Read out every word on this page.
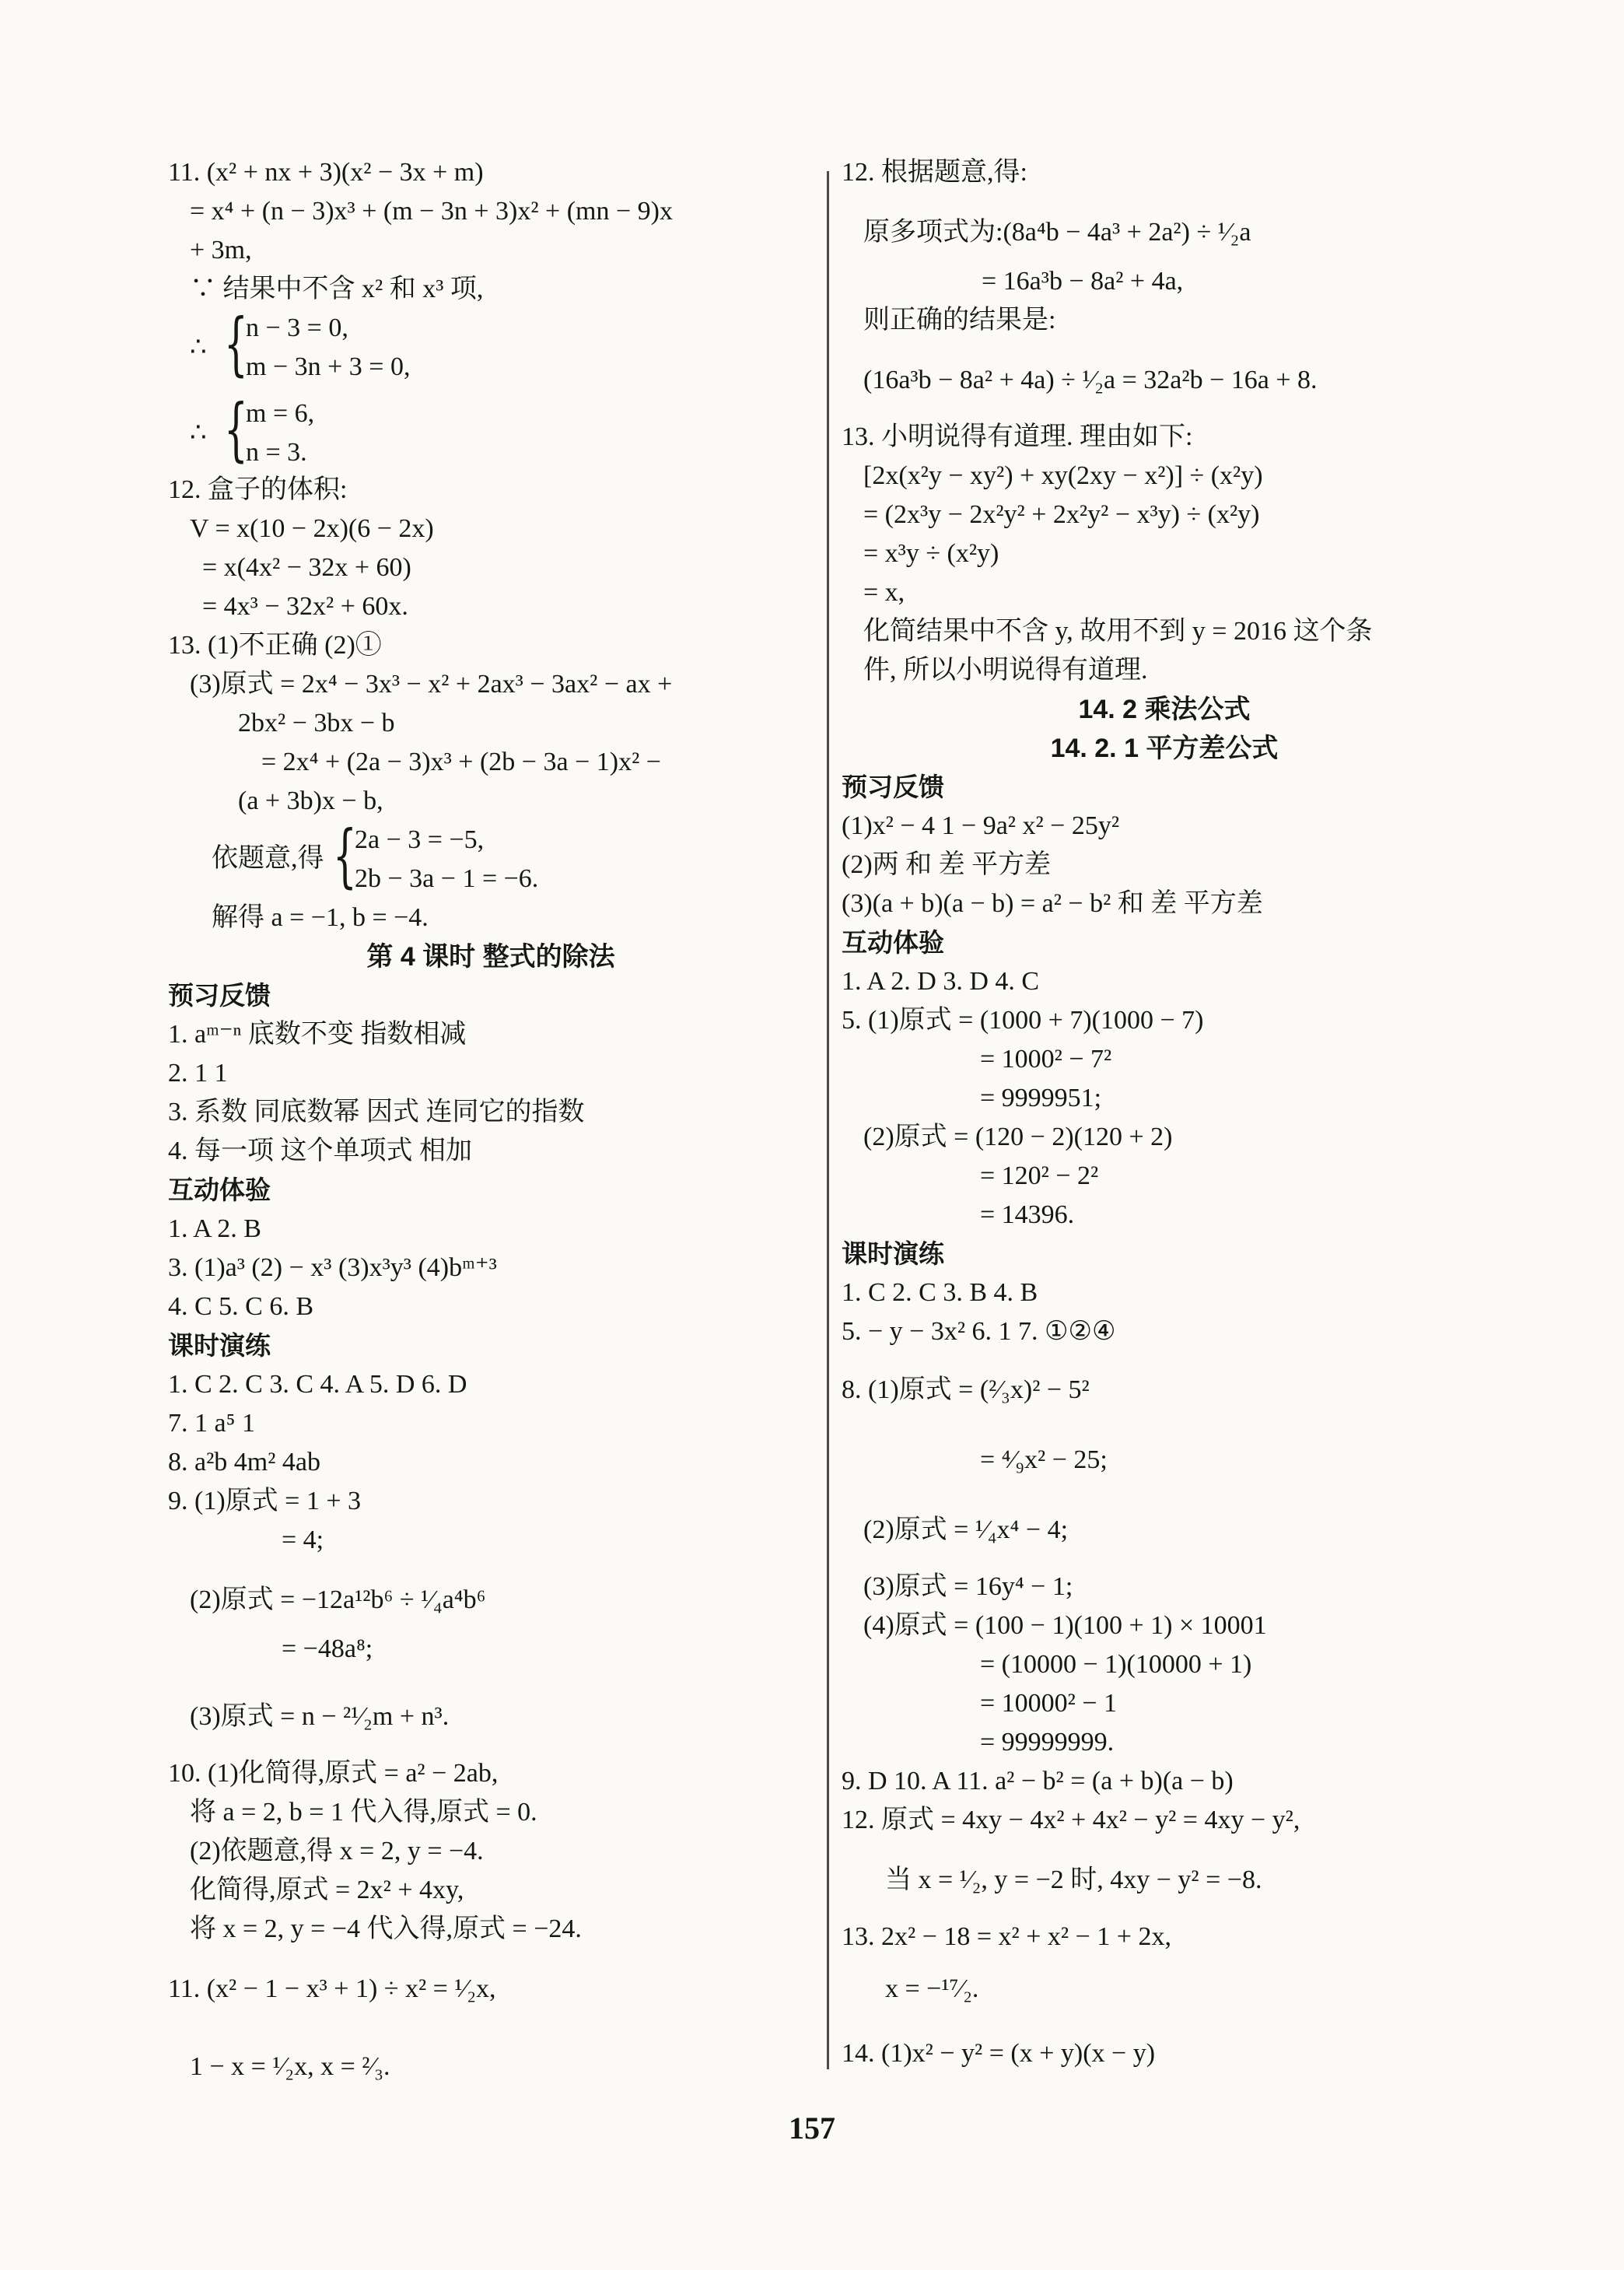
11. (x² + nx + 3)(x² − 3x + m)
= x⁴ + (n − 3)x³ + (m − 3n + 3)x² + (mn − 9)x
+ 3m,
∵ 结果中不含 x² 和 x³ 项,
∴
n − 3 = 0,
m − 3n + 3 = 0,
∴
m = 6,
n = 3.
12. 盒子的体积:
V = x(10 − 2x)(6 − 2x)
= x(4x² − 32x + 60)
= 4x³ − 32x² + 60x.
13. (1)不正确 (2)①
(3)原式 = 2x⁴ − 3x³ − x² + 2ax³ − 3ax² − ax +
2bx² − 3bx − b
= 2x⁴ + (2a − 3)x³ + (2b − 3a − 1)x² −
(a + 3b)x − b,
依题意,得
2a − 3 = −5,
2b − 3a − 1 = −6.
解得 a = −1, b = −4.
第 4 课时 整式的除法
预习反馈
1. aᵐ⁻ⁿ 底数不变 指数相减
2. 1 1
3. 系数 同底数幂 因式 连同它的指数
4. 每一项 这个单项式 相加
互动体验
1. A 2. B
3. (1)a³ (2) − x³ (3)x³y³ (4)bᵐ⁺³
4. C 5. C 6. B
课时演练
1. C 2. C 3. C 4. A 5. D 6. D
7. 1 a⁵ 1
8. a²b 4m² 4ab
9. (1)原式 = 1 + 3
= 4;
(2)原式 = −12a¹²b⁶ ÷ ¹⁄₄a⁴b⁶
= −48a⁸;
(3)原式 = n − ²¹⁄₂m + n³.
10. (1)化简得,原式 = a² − 2ab,
将 a = 2, b = 1 代入得,原式 = 0.
(2)依题意,得 x = 2, y = −4.
化简得,原式 = 2x² + 4xy,
将 x = 2, y = −4 代入得,原式 = −24.
11. (x² − 1 − x³ + 1) ÷ x² = ¹⁄₂x,
1 − x = ¹⁄₂x, x = ²⁄₃.
{
{
{
12. 根据题意,得:
原多项式为:(8a⁴b − 4a³ + 2a²) ÷ ¹⁄₂a
= 16a³b − 8a² + 4a,
则正确的结果是:
(16a³b − 8a² + 4a) ÷ ¹⁄₂a = 32a²b − 16a + 8.
13. 小明说得有道理. 理由如下:
[2x(x²y − xy²) + xy(2xy − x²)] ÷ (x²y)
= (2x³y − 2x²y² + 2x²y² − x³y) ÷ (x²y)
= x³y ÷ (x²y)
= x,
化简结果中不含 y, 故用不到 y = 2016 这个条
件, 所以小明说得有道理.
14. 2 乘法公式
14. 2. 1 平方差公式
预习反馈
(1)x² − 4 1 − 9a² x² − 25y²
(2)两 和 差 平方差
(3)(a + b)(a − b) = a² − b² 和 差 平方差
互动体验
1. A 2. D 3. D 4. C
5. (1)原式 = (1000 + 7)(1000 − 7)
= 1000² − 7²
= 9999951;
(2)原式 = (120 − 2)(120 + 2)
= 120² − 2²
= 14396.
课时演练
1. C 2. C 3. B 4. B
5. − y − 3x² 6. 1 7. ①②④
8. (1)原式 = (²⁄₃x)² − 5²
= ⁴⁄₉x² − 25;
(2)原式 = ¹⁄₄x⁴ − 4;
(3)原式 = 16y⁴ − 1;
(4)原式 = (100 − 1)(100 + 1) × 10001
= (10000 − 1)(10000 + 1)
= 10000² − 1
= 99999999.
9. D 10. A 11. a² − b² = (a + b)(a − b)
12. 原式 = 4xy − 4x² + 4x² − y² = 4xy − y²,
当 x = ¹⁄₂, y = −2 时, 4xy − y² = −8.
13. 2x² − 18 = x² + x² − 1 + 2x,
x = −¹⁷⁄₂.
14. (1)x² − y² = (x + y)(x − y)
157
